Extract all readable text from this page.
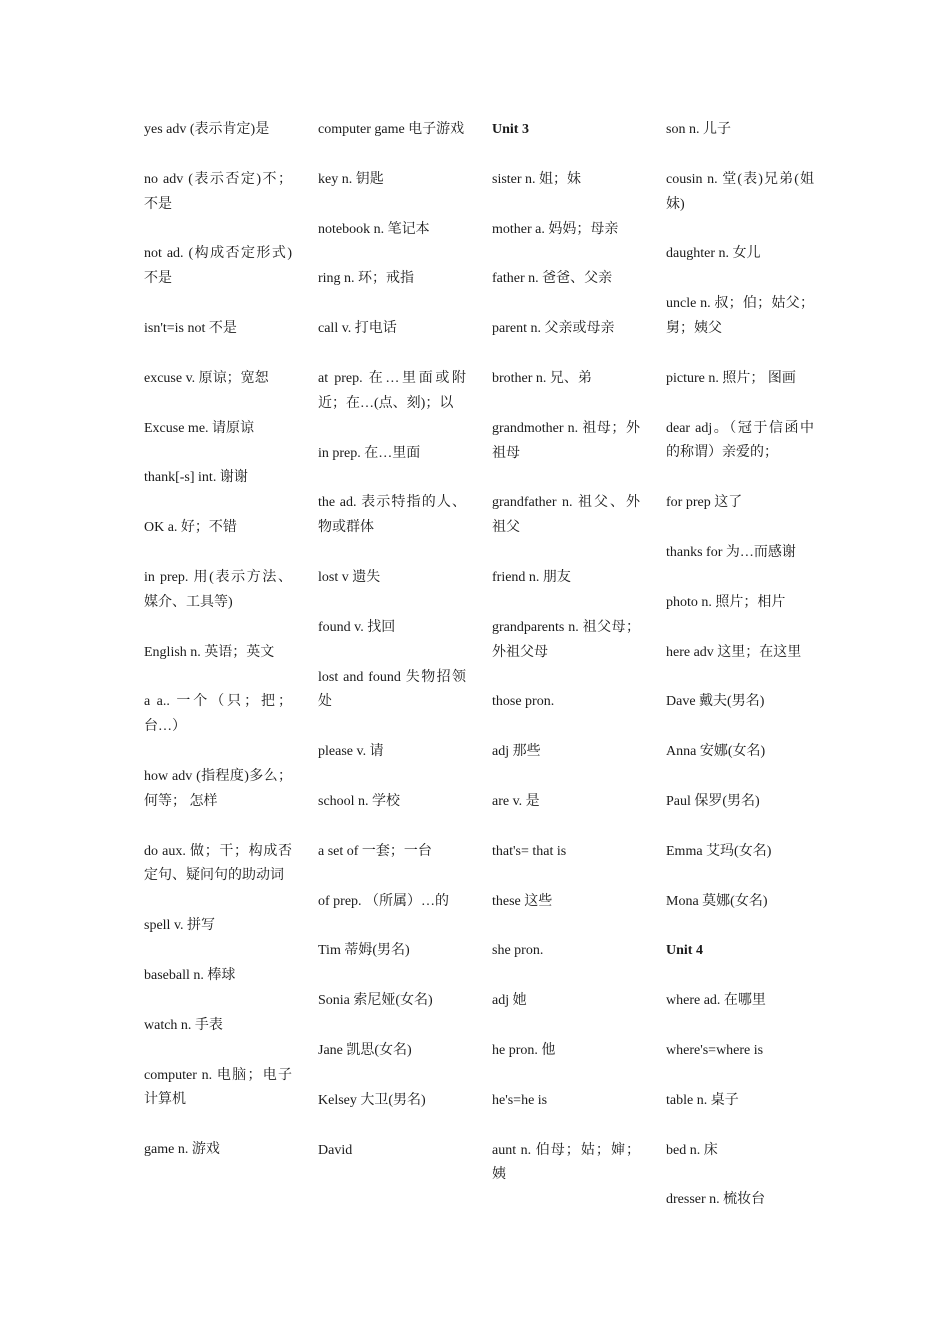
yes adv (表示肯定)是
no adv (表示否定)不；不是
not ad. (构成否定形式)不是
isn't=is not 不是
excuse v. 原谅；宽恕
Excuse me. 请原谅
thank[-s] int. 谢谢
OK a. 好；不错
in prep. 用(表示方法、媒介、工具等)
English n. 英语；英文
a a.. 一个（只；把；台…）
how adv (指程度)多么；何等； 怎样
do aux. 做；干；构成否定句、疑问句的助动词
spell v. 拼写
baseball n. 棒球
watch n. 手表
computer n. 电脑；电子计算机
game n. 游戏
computer game 电子游戏
key n. 钥匙
notebook n. 笔记本
ring n. 环；戒指
call v. 打电话
at prep. 在…里面或附近；在…(点、刻)；以
in prep. 在…里面
the ad. 表示特指的人、物或群体
lost v 遗失
found v. 找回
lost and found 失物招领处
please v. 请
school n. 学校
a set of 一套；一台
of prep. （所属）…的
Tim 蒂姆(男名)
Sonia 索尼娅(女名)
Jane 凯思(女名)
Kelsey 大卫(男名)
David
Unit 3
sister n. 姐；妹
mother a. 妈妈；母亲
father n. 爸爸、父亲
parent n. 父亲或母亲
brother n. 兄、弟
grandmother n. 祖母；外祖母
grandfather n. 祖父、外祖父
friend n. 朋友
grandparents n. 祖父母；外祖父母
those pron.
adj 那些
are v. 是
that's= that is
these 这些
she pron.
adj 她
he pron. 他
he's=he is
aunt n. 伯母；姑；婶；姨
son n. 儿子
cousin n. 堂(表)兄弟(姐妹)
daughter n. 女儿
uncle n. 叔；伯；姑父；舅；姨父
picture n. 照片； 图画
dear adj。（冠于信函中的称谓）亲爱的；
for prep 这了
thanks for 为…而感谢
photo n. 照片；相片
here adv 这里；在这里
Dave 戴夫(男名)
Anna 安娜(女名)
Paul 保罗(男名)
Emma 艾玛(女名)
Mona 莫娜(女名)
Unit 4
where ad. 在哪里
where's=where is
table n. 桌子
bed n. 床
dresser n. 梳妆台
